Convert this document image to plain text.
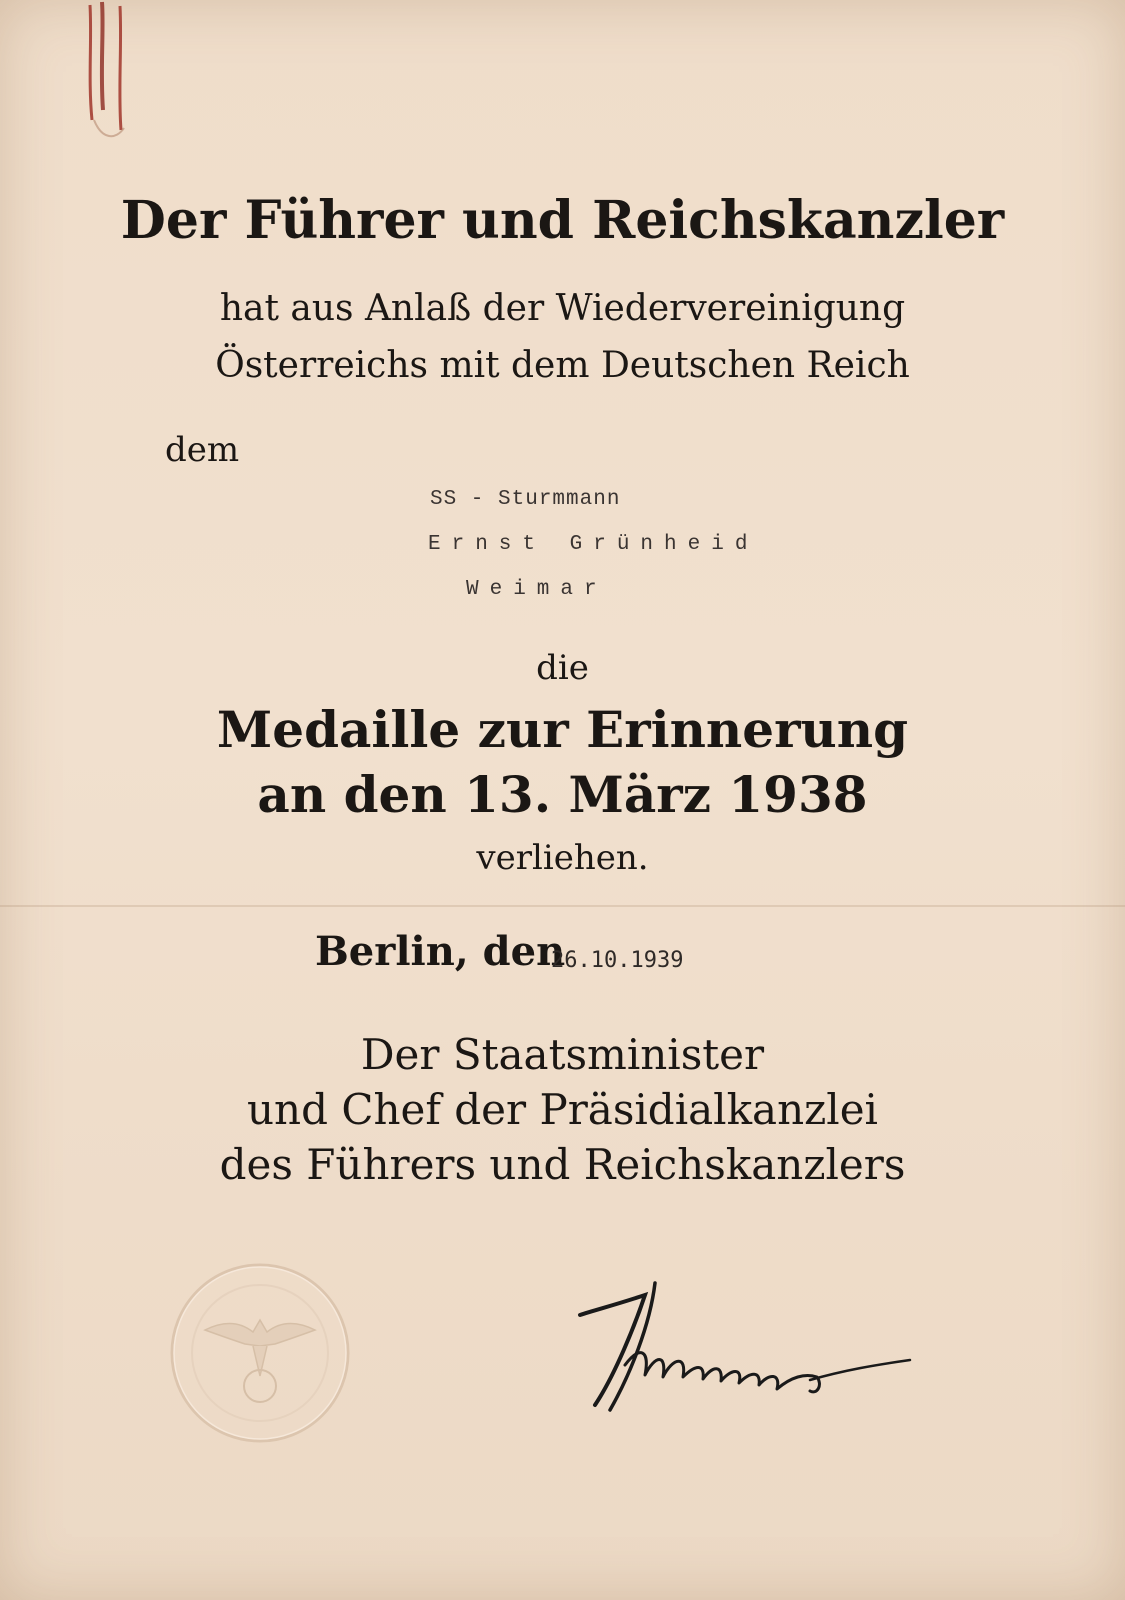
Der Führer und Reichskanzler
hat aus Anlaß der Wiedervereinigung
Österreichs mit dem Deutschen Reich
dem
SS - Sturmmann
Ernst Grünheid
Weimar
die
Medaille zur Erinnerung
an den 13. März 1938
verliehen.
Berlin, den
26.10.1939
Der Staatsminister
und Chef der Präsidialkanzlei
des Führers und Reichskanzlers
